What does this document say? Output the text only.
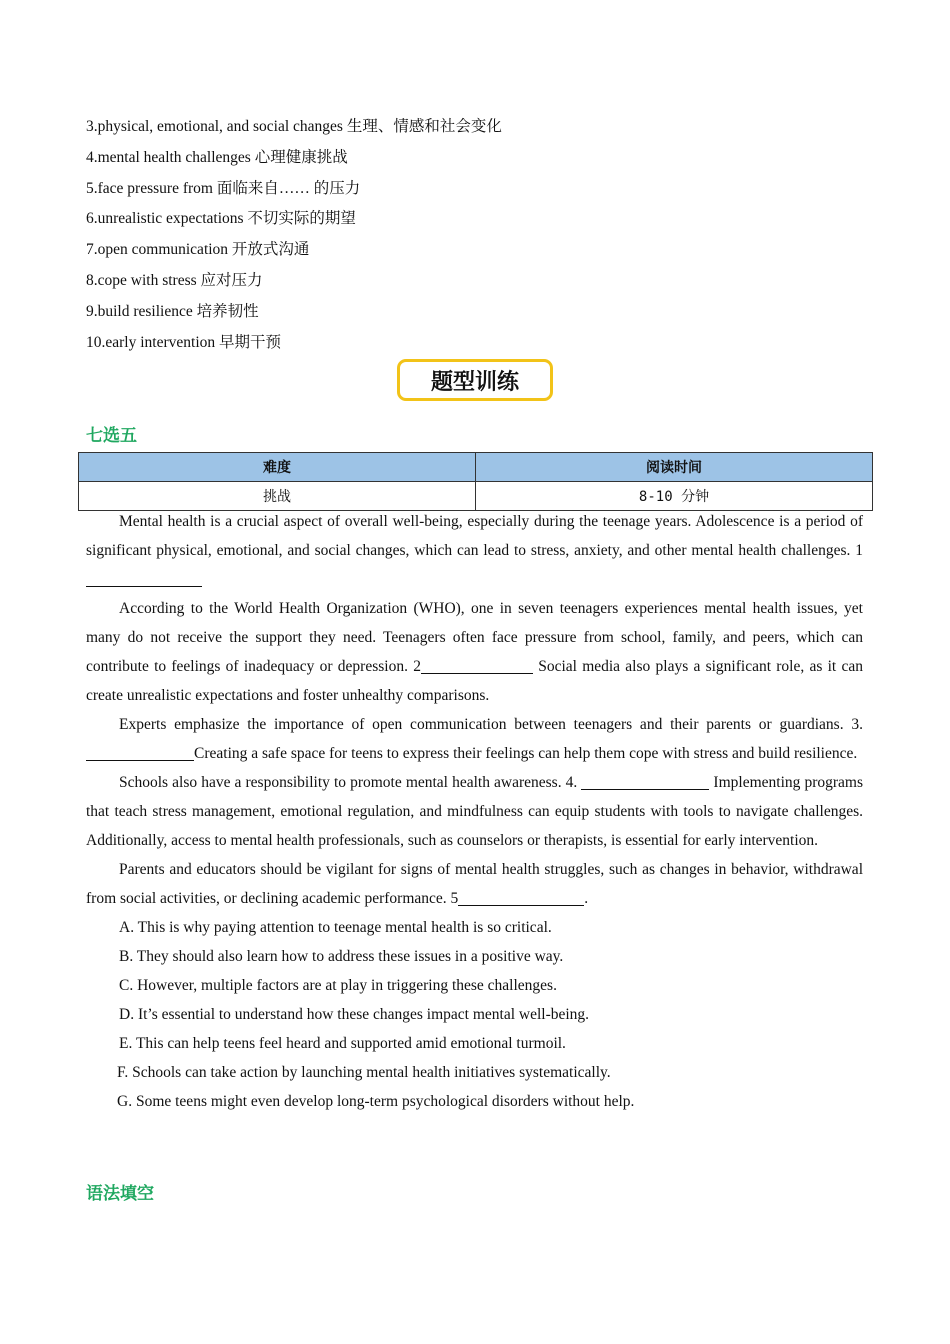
3.physical, emotional, and social changes 生理、情感和社会变化
4.mental health challenges 心理健康挑战
5.face pressure from 面临来自…… 的压力
6.unrealistic expectations 不切实际的期望
7.open communication 开放式沟通
8.cope with stress 应对压力
9.build resilience 培养韧性
10.early intervention 早期干预
题型训练
七选五
难度	阅读时间
挑战	8-10 分钟

Mental health is a crucial aspect of overall well-being, especially during the teenage years. Adolescence is a period of significant physical, emotional, and social changes, which can lead to stress, anxiety, and other mental health challenges. 1

According to the World Health Organization (WHO), one in seven teenagers experiences mental health issues, yet many do not receive the support they need. Teenagers often face pressure from school, family, and peers, which can contribute to feelings of inadequacy or depression. 2	Social media also plays a significant role, as it can create unrealistic expectations and foster unhealthy comparisons.

Experts emphasize the importance of open communication between teenagers and their parents or guardians. 3.Creating a safe space for teens to express their feelings can help them cope with stress and build resilience.

Schools also have a responsibility to promote mental health awareness. 4.	Implementing programs that teach stress management, emotional regulation, and mindfulness can equip students with tools to navigate challenges. Additionally, access to mental health professionals, such as counselors or therapists, is essential for early intervention.

Parents and educators should be vigilant for signs of mental health struggles, such as changes in behavior, withdrawal from social activities, or declining academic performance. 5	.

A. This is why paying attention to teenage mental health is so critical.
B. They should also learn how to address these issues in a positive way.
C. However, multiple factors are at play in triggering these challenges.
D. It’s essential to understand how these changes impact mental well-being.
E. This can help teens feel heard and supported amid emotional turmoil.
F. Schools can take action by launching mental health initiatives systematically.
G. Some teens might even develop long-term psychological disorders without help.
语法填空
